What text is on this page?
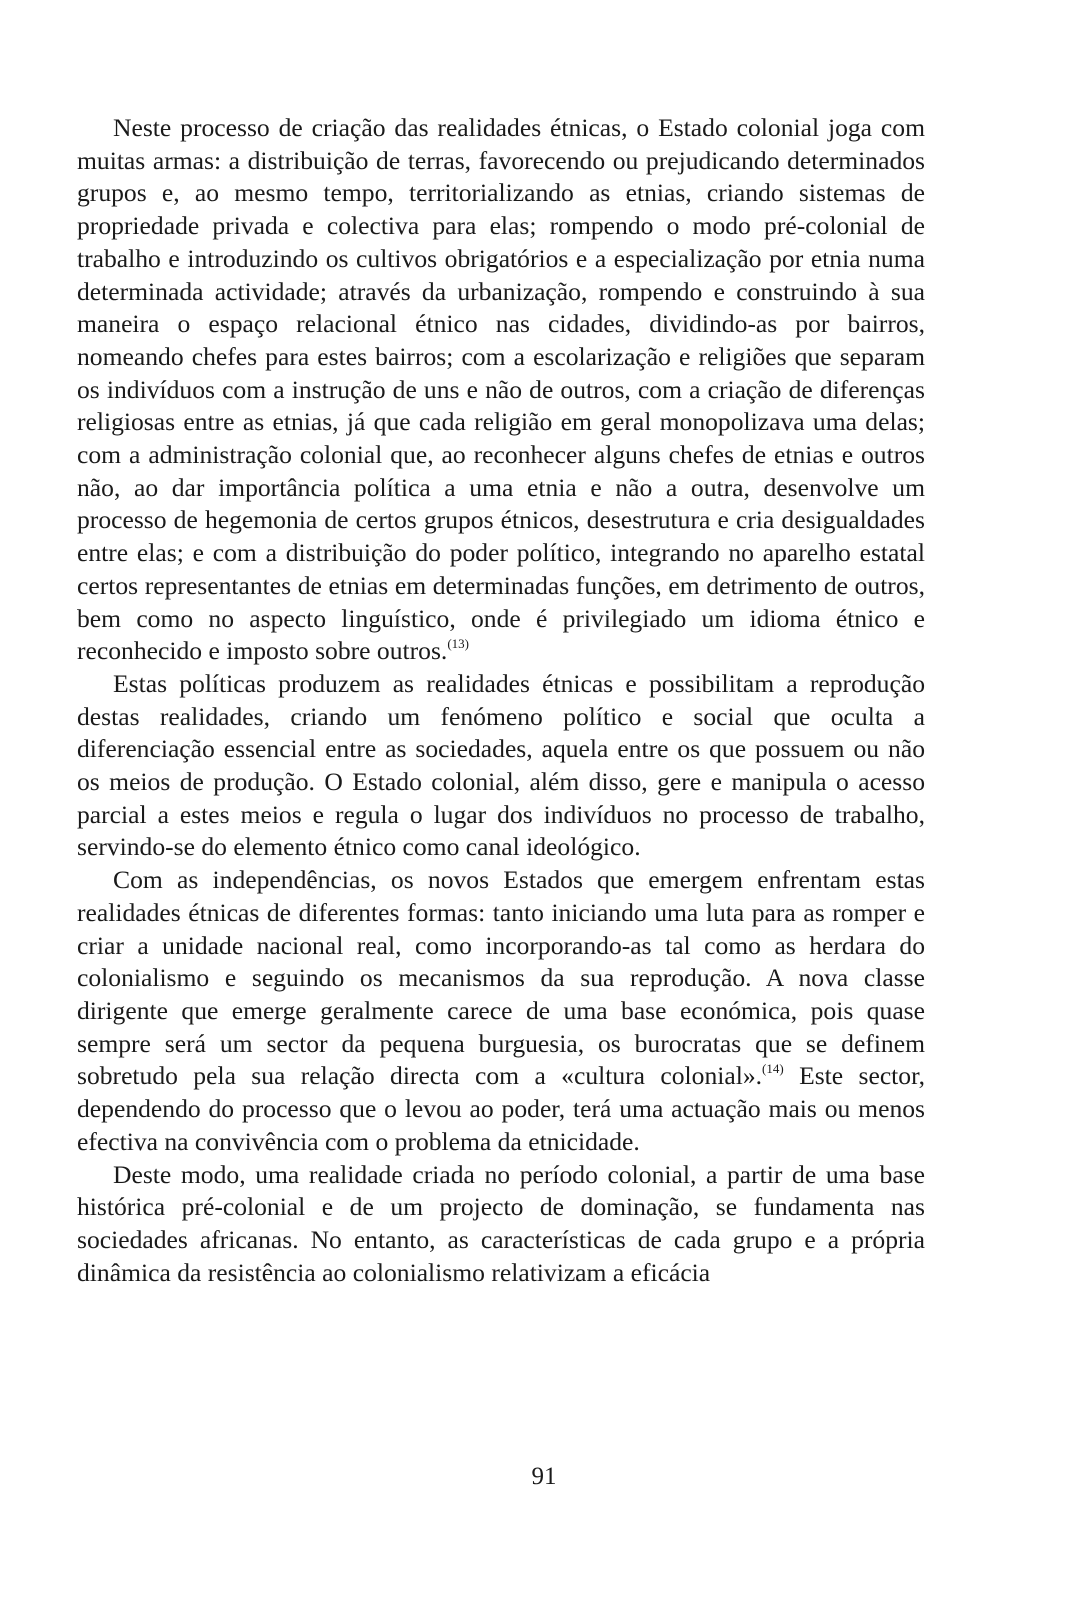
Neste processo de criação das realidades étnicas, o Estado colonial joga com muitas armas: a distribuição de terras, favorecendo ou prejudicando determinados grupos e, ao mesmo tempo, territorializando as etnias, criando sistemas de propriedade privada e colectiva para elas; rompendo o modo pré-colonial de trabalho e introduzindo os cultivos obrigatórios e a especialização por etnia numa determinada actividade; através da urbanização, rompendo e construindo à sua maneira o espaço relacional étnico nas cidades, dividindo-as por bairros, nomeando chefes para estes bairros; com a escolarização e religiões que separam os indivíduos com a instrução de uns e não de outros, com a criação de diferenças religiosas entre as etnias, já que cada religião em geral monopolizava uma delas; com a administração colonial que, ao reconhecer alguns chefes de etnias e outros não, ao dar importância política a uma etnia e não a outra, desenvolve um processo de hegemonia de certos grupos étnicos, desestrutura e cria desigualdades entre elas; e com a distribuição do poder político, integrando no aparelho estatal certos representantes de etnias em determinadas funções, em detrimento de outros, bem como no aspecto linguístico, onde é privilegiado um idioma étnico e reconhecido e imposto sobre outros.$^{(13)}$

Estas políticas produzem as realidades étnicas e possibilitam a reprodução destas realidades, criando um fenómeno político e social que oculta a diferenciação essencial entre as sociedades, aquela entre os que possuem ou não os meios de produção. O Estado colonial, além disso, gere e manipula o acesso parcial a estes meios e regula o lugar dos indivíduos no processo de trabalho, servindo-se do elemento étnico como canal ideológico.

Com as independências, os novos Estados que emergem enfrentam estas realidades étnicas de diferentes formas: tanto iniciando uma luta para as romper e criar a unidade nacional real, como incorporando-as tal como as herdara do colonialismo e seguindo os mecanismos da sua reprodução. A nova classe dirigente que emerge geralmente carece de uma base económica, pois quase sempre será um sector da pequena burguesia, os burocratas que se definem sobretudo pela sua relação directa com a «cultura colonial».$^{(14)}$ Este sector, dependendo do processo que o levou ao poder, terá uma actuação mais ou menos efectiva na convivência com o problema da etnicidade.

Deste modo, uma realidade criada no período colonial, a partir de uma base histórica pré-colonial e de um projecto de dominação, se fundamenta nas sociedades africanas. No entanto, as características de cada grupo e a própria dinâmica da resistência ao colonialismo relativizam a eficácia

91
